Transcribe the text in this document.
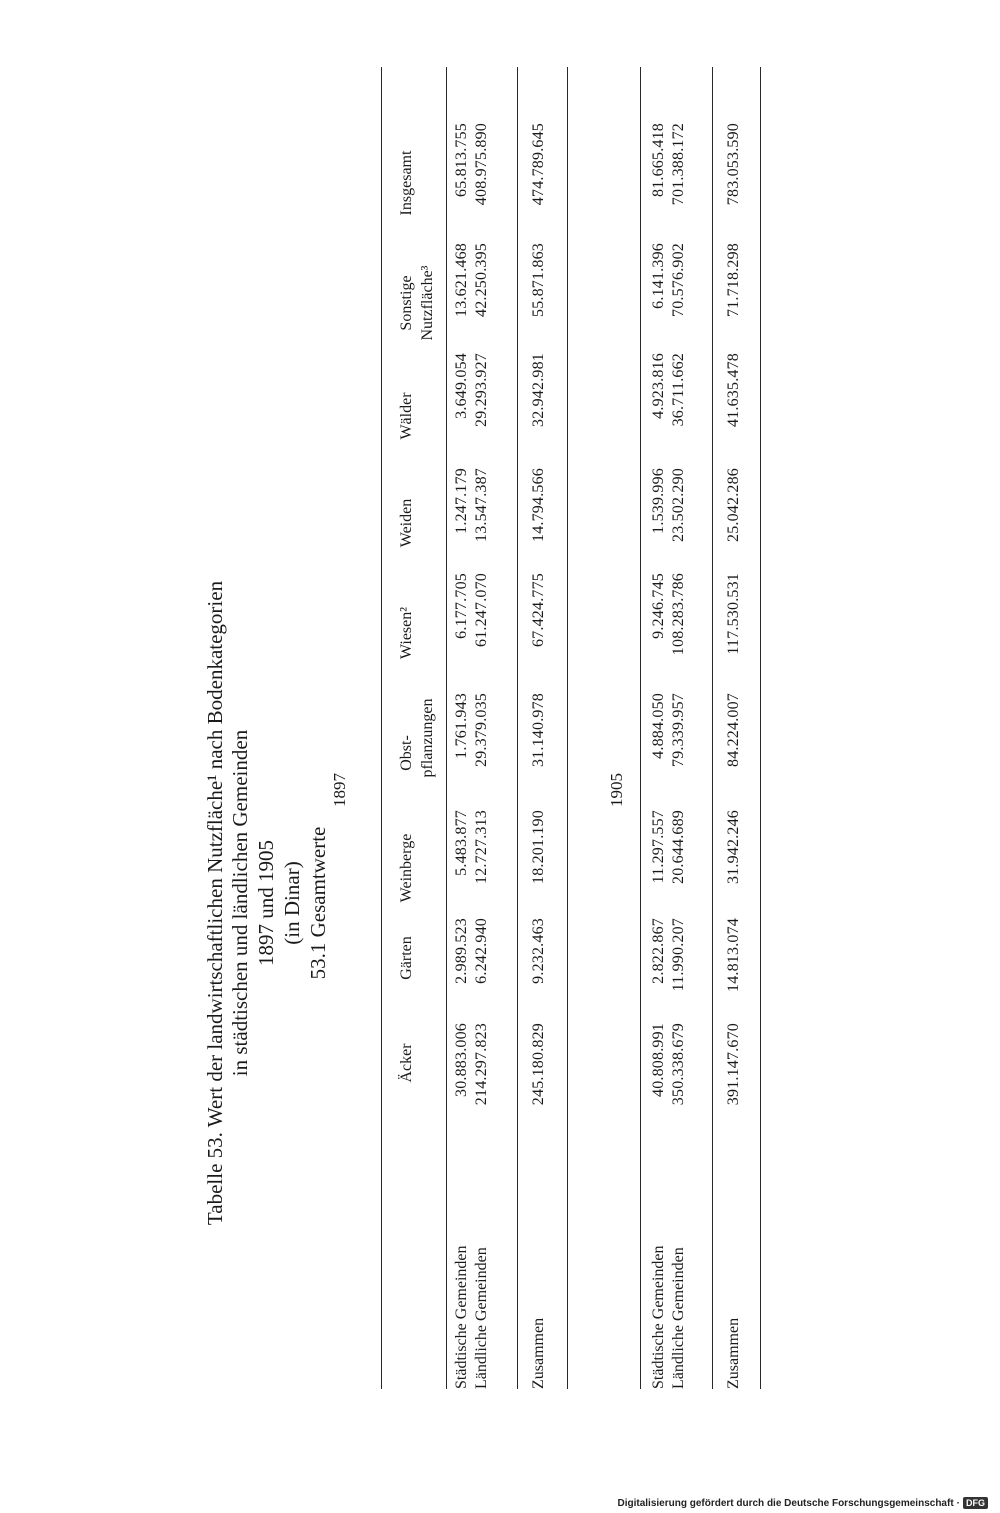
Tabelle 53. Wert der landwirtschaftlichen Nutzfläche¹ nach Bodenkategorien in städtischen und ländlichen Gemeinden 1897 und 1905 (in Dinar) 53.1 Gesamtwerte
Äcker
Gärten
Weinberge
Obst- pflanzungen
Wiesen²
Weiden
Wälder
Sonstige Nutzfläche³
Insgesamt
Städtische Gemeinden Ländliche Gemeinden
30.883.006 214.297.823
2.989.523 6.242.940
5.483.877 12.727.313
1.761.943 29.379.035
6.177.705 61.247.070
1.247.179 13.547.387
3.649.054 29.293.927
13.621.468 42.250.395
65.813.755 408.975.890
Zusammen
245.180.829
9.232.463
18.201.190
31.140.978
67.424.775
14.794.566
32.942.981
55.871.863
474.789.645
1897	1905
Städtische Gemeinden Ländliche Gemeinden
40.808.991 350.338.679
2.822.867 11.990.207
11.297.557 20.644.689
4.884.050 79.339.957
9.246.745 108.283.786
1.539.996 23.502.290
4.923.816 36.711.662
6.141.396 70.576.902
81.665.418 701.388.172
Zusammen
391.147.670
14.813.074
31.942.246
84.224.007
117.530.531
25.042.286
41.635.478
71.718.298
783.053.590
Digitalisierung gefördert durch die Deutsche Forschungsgemeinschaft · DFG
